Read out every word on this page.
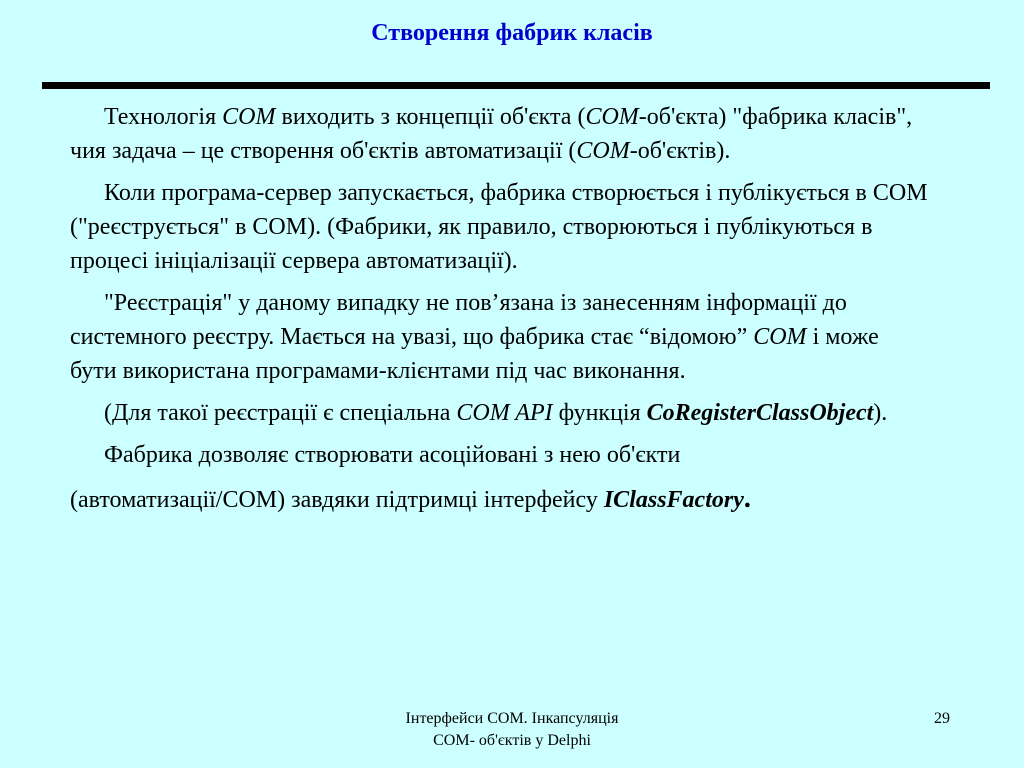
Створення фабрик класів

Технологія COM виходить з концепції об'єкта (COM-об'єкта) "фабрика класів", чия задача – це створення об'єктів автоматизації (COM-об'єктів).

Коли програма-сервер запускається, фабрика створюється і публікується в COM ("реєструється" в COM). (Фабрики, як правило, створюються і публікуються в процесі ініціалізації сервера автоматизації).

"Реєстрація" у даному випадку не пов’язана із занесенням інформації до системного реєстру. Мається на увазі, що фабрика стає “відомою” COM і може бути використана програмами-клієнтами під час виконання.

(Для такої реєстрації є спеціальна COM API функція CoRegisterClassObject).

Фабрика дозволяє створювати асоційовані з нею об'єкти
(автоматизації/COM) завдяки підтримці інтерфейсу IClassFactory.

Інтерфейси COM. Інкапсуляція
COM- об'єктів у Delphi
29
